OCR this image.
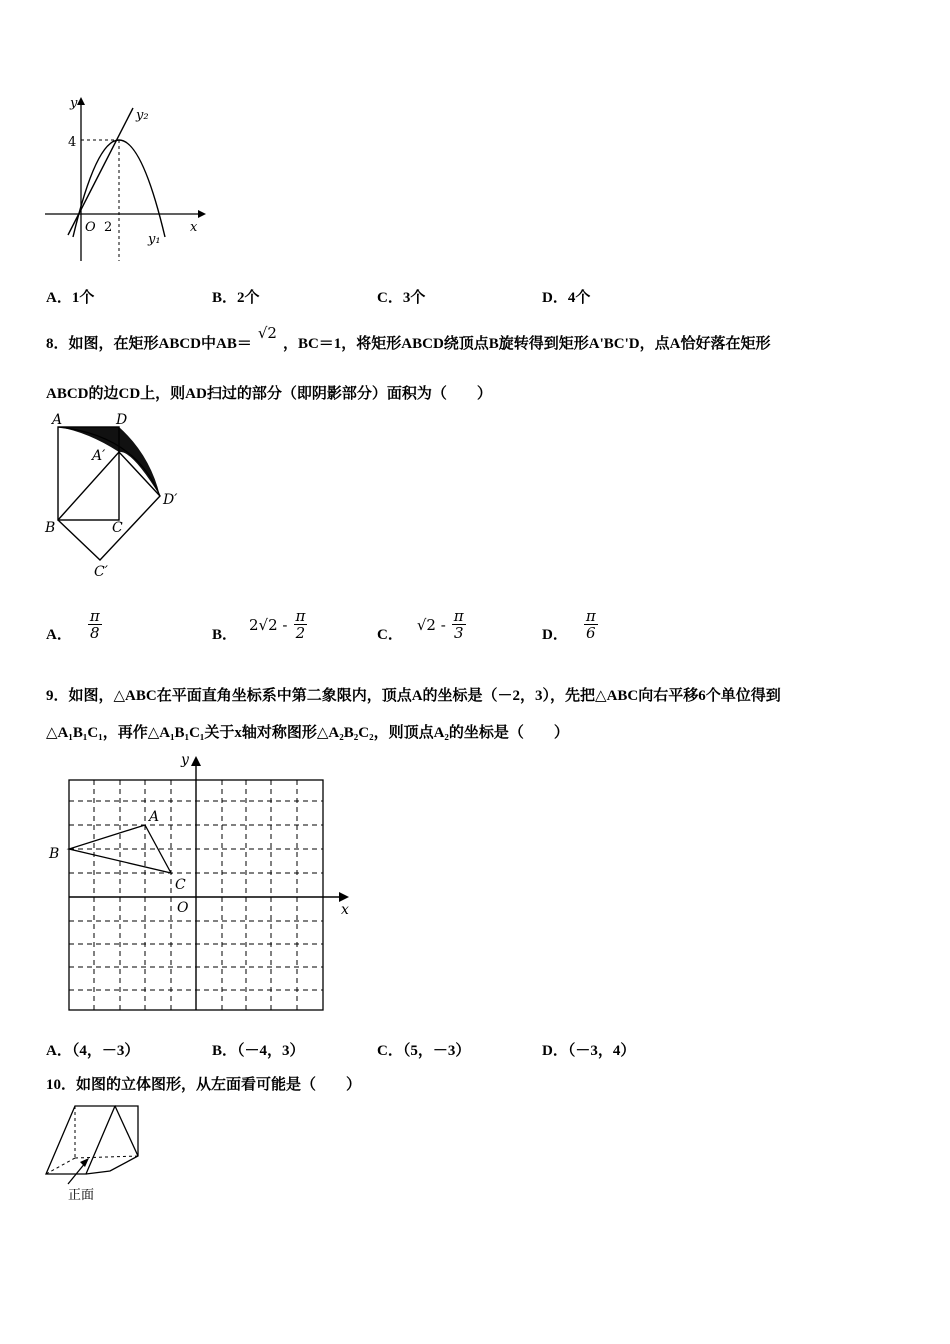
y
x
O
4
2
y₂
y₁
A．1个	B．2个	C．3个	D．4个
8．如图，在矩形ABCD中AB＝√2，BC＝1，将矩形ABCD绕顶点B旋转得到矩形A'BC'D，点A恰好落在矩形
ABCD的边CD上，则AD扫过的部分（即阴影部分）面积为（　　）
A	D
A′
D′
B	C
C′
A． $\frac{\pi}{8}$	B．
$2√2 - \frac{\pi}{2}$	C．
$√2 - \frac{\pi}{3}$	D． $\frac{\pi}{6}$
9．如图，△ABC在平面直角坐标系中第二象限内，顶点A的坐标是（－2，3），先把△ABC向右平移6个单位得到
△A₁B₁C₁，再作△A₁B₁C₁关于x轴对称图形△A₂B₂C₂，则顶点A₂的坐标是（　　）
y
x
O
A
B
C
A．（4，－3）	B．（－4，3）	C．（5，－3）	D．（－3，4）
10．如图的立体图形，从左面看可能是（　　）
正面
